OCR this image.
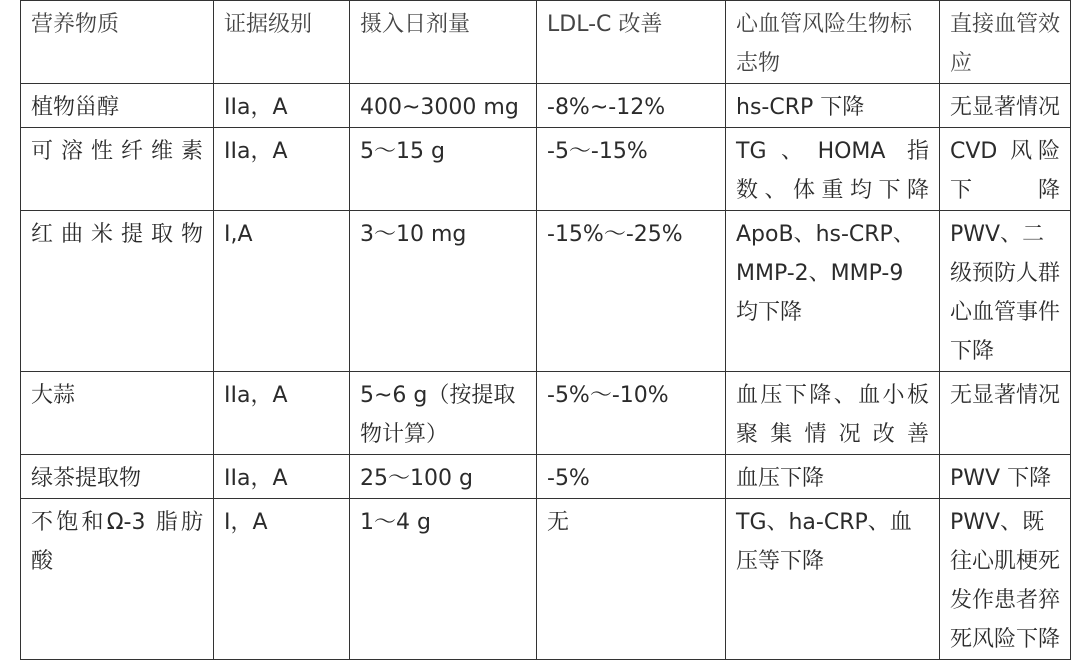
营养物质	证据级别	摄入日剂量	LDL-C 改善	心血管风险生物标志物	直接血管效应
植物甾醇	IIa，A	400~3000 mg	-8%~-12%	hs-CRP 下降	无显著情况
可溶性纤维素	IIa，A	5～15 g	-5～-15%	TG、HOMA 指数、体重均下降	CVD 风险下降
红曲米提取物	I,A	3～10 mg	-15%～-25%	ApoB、hs-CRP、MMP-2、MMP-9 均下降	PWV、二级预防人群心血管事件下降
大蒜	IIa，A	5~6 g（按提取物计算）	-5%～-10%	血压下降、血小板聚集情况改善	无显著情况
绿茶提取物	IIa，A	25～100 g	-5%	血压下降	PWV 下降
不饱和Ω-3 脂肪酸	I，A	1～4 g	无	TG、ha-CRP、血压等下降	PWV、既往心肌梗死发作患者猝死风险下降
